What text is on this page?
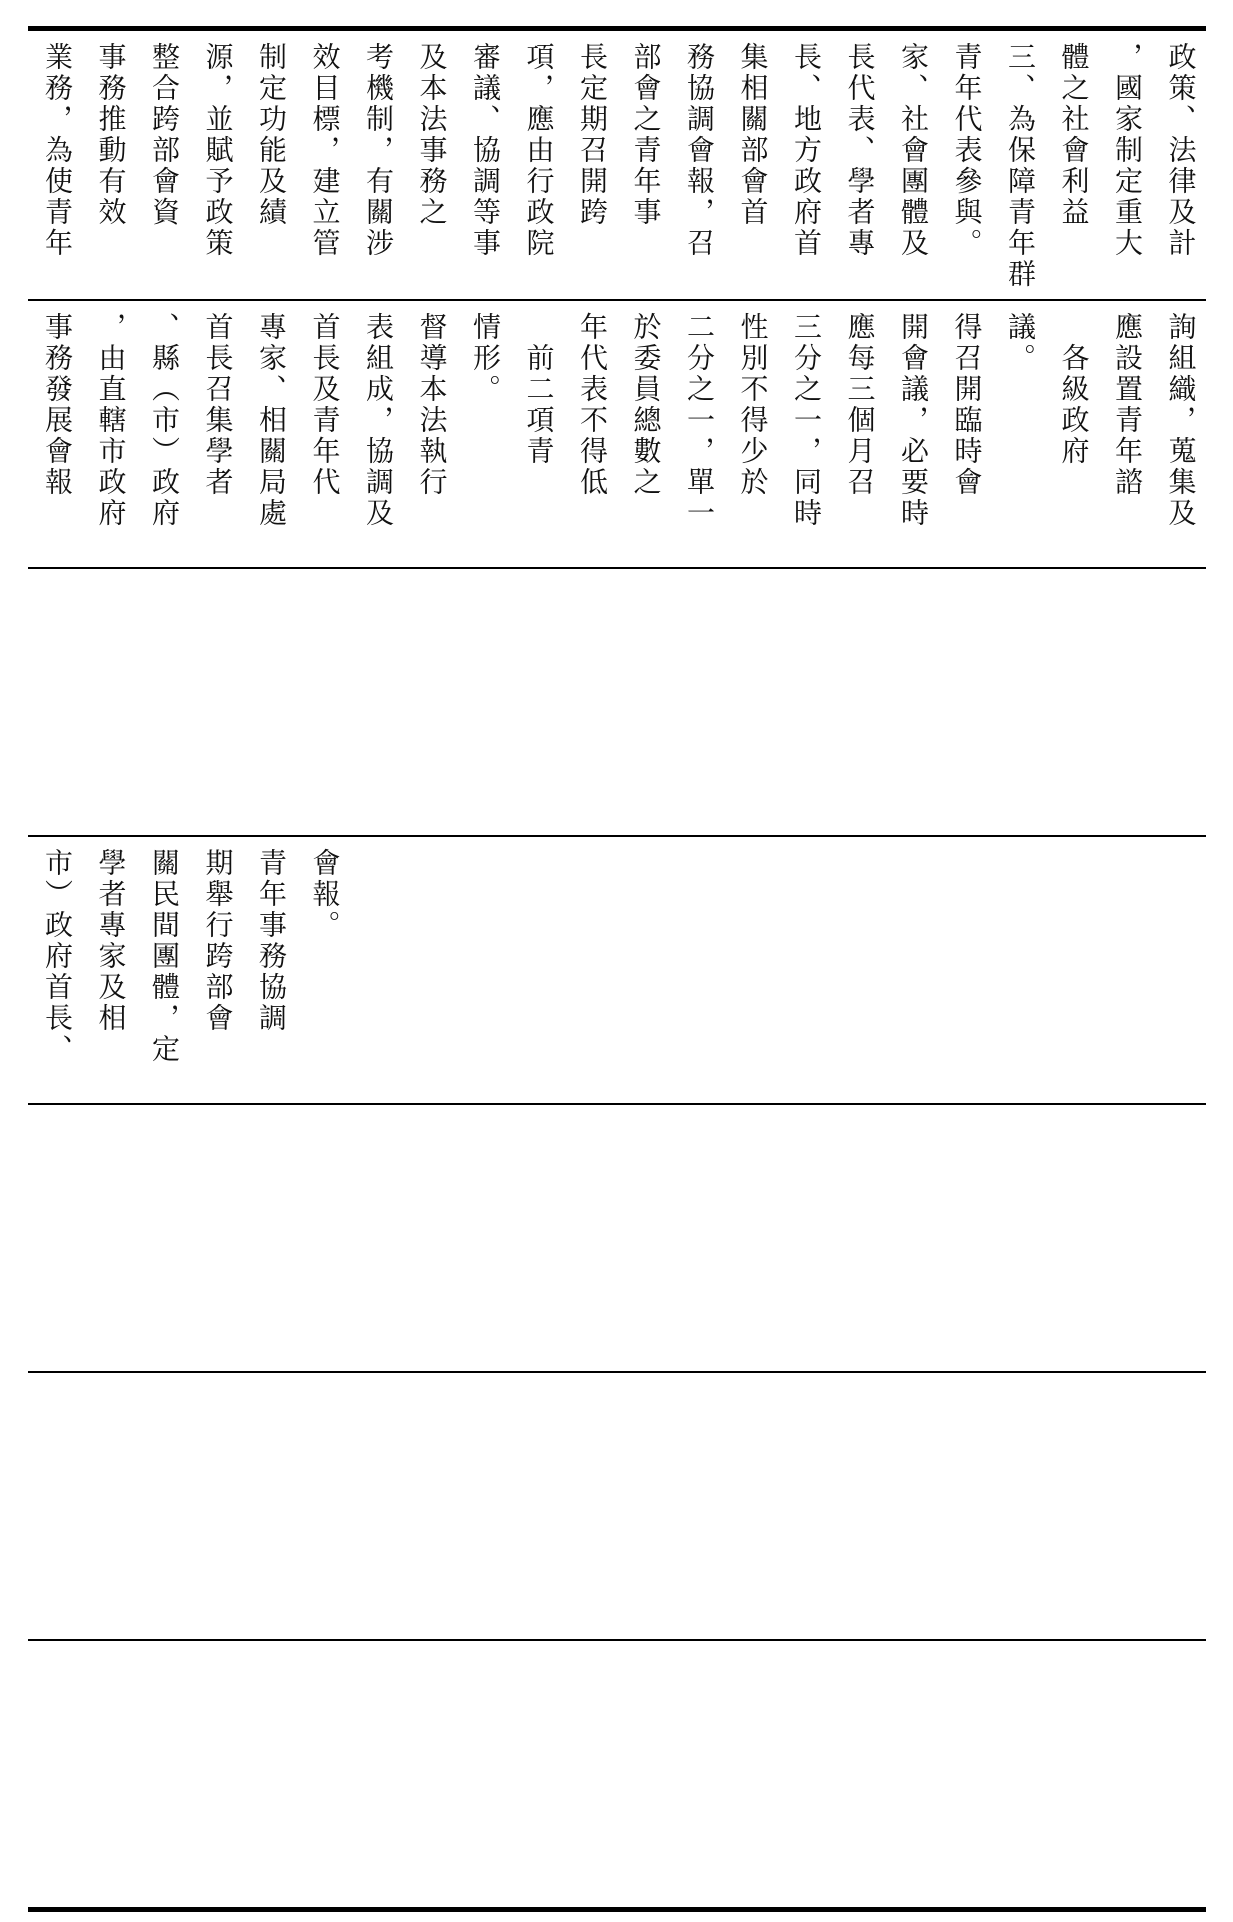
業務，為使青年 事務推動有效 整合跨部會資 源，並賦予政策 制定功能及績 效目標，建立管 考機制，有關涉 及本法事務之 審議、協調等事 項，應由行政院 長定期召開跨 部會之青年事 務協調會報，召 集相關部會首 長、地方政府首 長代表、學者專 家、社會團體及 青年代表參與。 三、為保障青年群 體之社會利益 ，國家制定重大 政策、法律及計
事務發展會報 ，由直轄市政府 、縣（市）政府 首長召集學者 專家、相關局處 首長及青年代 表組成，協調及 督導本法執行 情形。 　前二項青 年代表不得低 於委員總數之 二分之一，單一 性別不得少於 三分之一，同時 應每三個月召 開會議，必要時 得召開臨時會 議。 　各級政府 應設置青年諮 詢組織，蒐集及
市）政府首長、 學者專家及相 關民間團體，定 期舉行跨部會 青年事務協調 會報。
